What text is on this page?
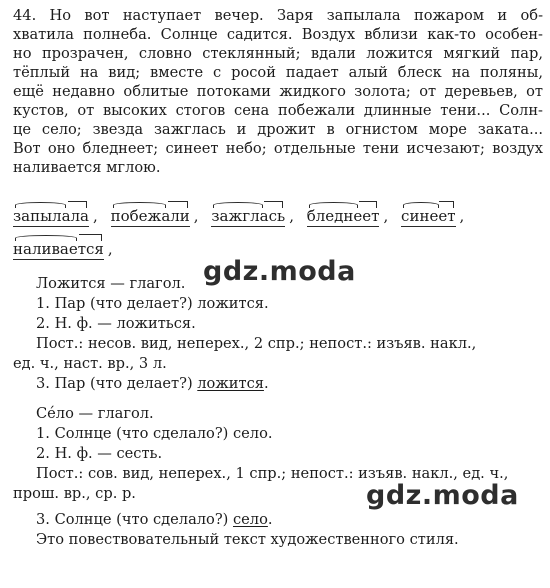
44. Но вот наступает вечер. Заря запылала пожаром и об-
хватила полнеба. Солнце садится. Воздух вблизи как-то особен-
но прозрачен, словно стеклянный; вдали ложится мягкий пар,
тёплый на вид; вместе с росой падает алый блеск на поляны,
ещё недавно облитые потоками жидкого золота; от деревьев, от
кустов, от высоких стогов сена побежали длинные тени... Солн-
це село; звезда зажглась и дрожит в огнистом море заката...
Вот оно бледнеет; синеет небо; отдельные тени исчезают; воздух
наливается мглою.
запылала , побежали , зажглась , бледнеет , синеет ,
наливается ,
Ложится — глагол.
1. Пар (что делает?) ложится.
2. Н. ф. — ложиться.
Пост.: несов. вид, неперех., 2 спр.; непост.: изъяв. накл.,
ед. ч., наст. вр., 3 л.
3. Пар (что делает?) ложится.
Сéло — глагол.
1. Солнце (что сделало?) село.
2. Н. ф. — сесть.
Пост.: сов. вид, неперех., 1 спр.; непост.: изъяв. накл., ед. ч.,
прош. вр., ср. р.
3. Солнце (что сделало?) село.
Это повествовательный текст художественного стиля.
gdz.moda
gdz.moda
